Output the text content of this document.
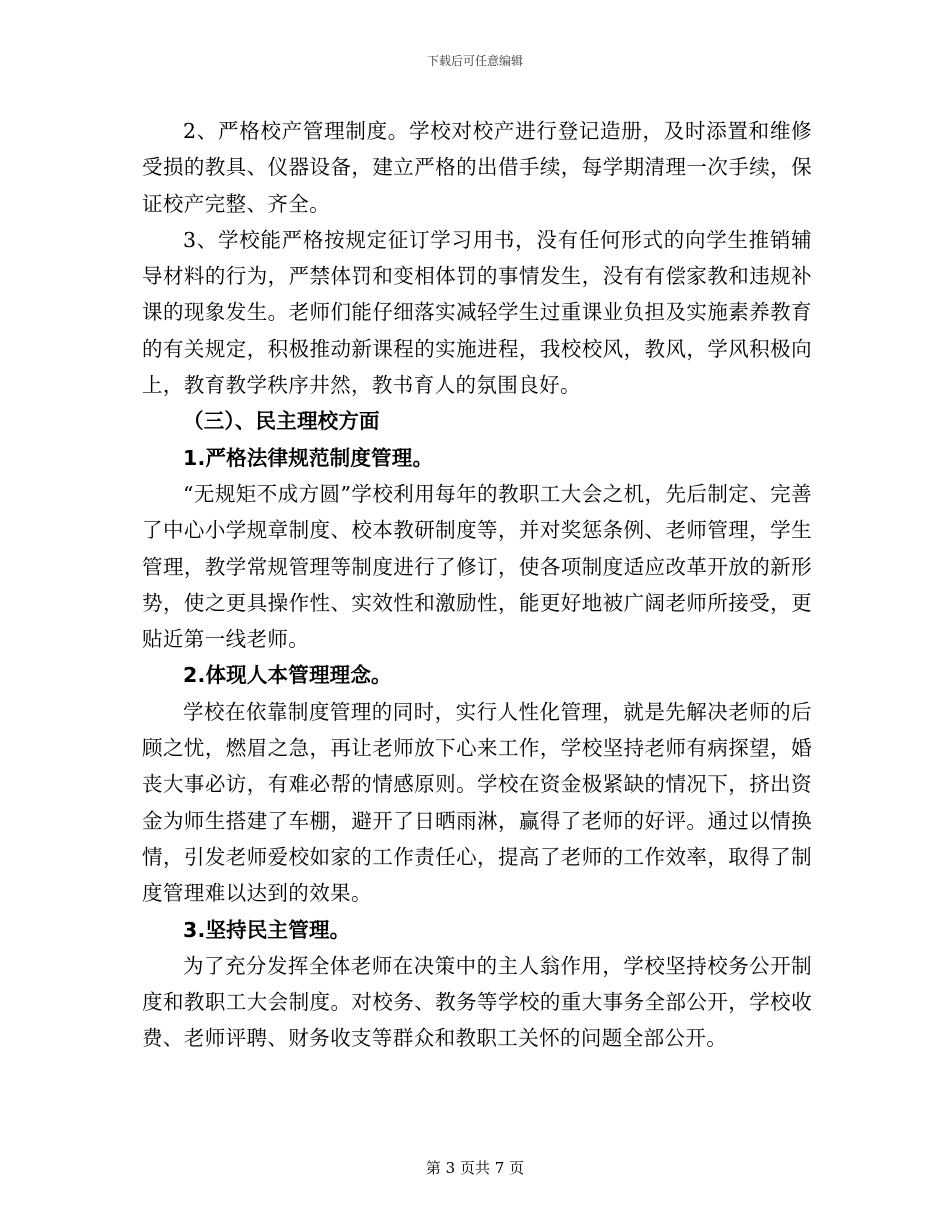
下载后可任意编辑

2、严格校产管理制度。学校对校产进行登记造册，及时添置和维修受损的教具、仪器设备，建立严格的出借手续，每学期清理一次手续，保证校产完整、齐全。

3、学校能严格按规定征订学习用书，没有任何形式的向学生推销辅导材料的行为，严禁体罚和变相体罚的事情发生，没有有偿家教和违规补课的现象发生。老师们能仔细落实减轻学生过重课业负担及实施素养教育的有关规定，积极推动新课程的实施进程，我校校风，教风，学风积极向上，教育教学秩序井然，教书育人的氛围良好。

（三）、民主理校方面

1.严格法律规范制度管理。

“无规矩不成方圆”学校利用每年的教职工大会之机，先后制定、完善了中心小学规章制度、校本教研制度等，并对奖惩条例、老师管理，学生管理，教学常规管理等制度进行了修订，使各项制度适应改革开放的新形势，使之更具操作性、实效性和激励性，能更好地被广阔老师所接受，更贴近第一线老师。

2.体现人本管理理念。

学校在依靠制度管理的同时，实行人性化管理，就是先解决老师的后顾之忧，燃眉之急，再让老师放下心来工作，学校坚持老师有病探望，婚丧大事必访，有难必帮的情感原则。学校在资金极紧缺的情况下，挤出资金为师生搭建了车棚，避开了日晒雨淋，赢得了老师的好评。通过以情换情，引发老师爱校如家的工作责任心，提高了老师的工作效率，取得了制度管理难以达到的效果。

3.坚持民主管理。

为了充分发挥全体老师在决策中的主人翁作用，学校坚持校务公开制度和教职工大会制度。对校务、教务等学校的重大事务全部公开，学校收费、老师评聘、财务收支等群众和教职工关怀的问题全部公开。

第 3 页共 7 页
